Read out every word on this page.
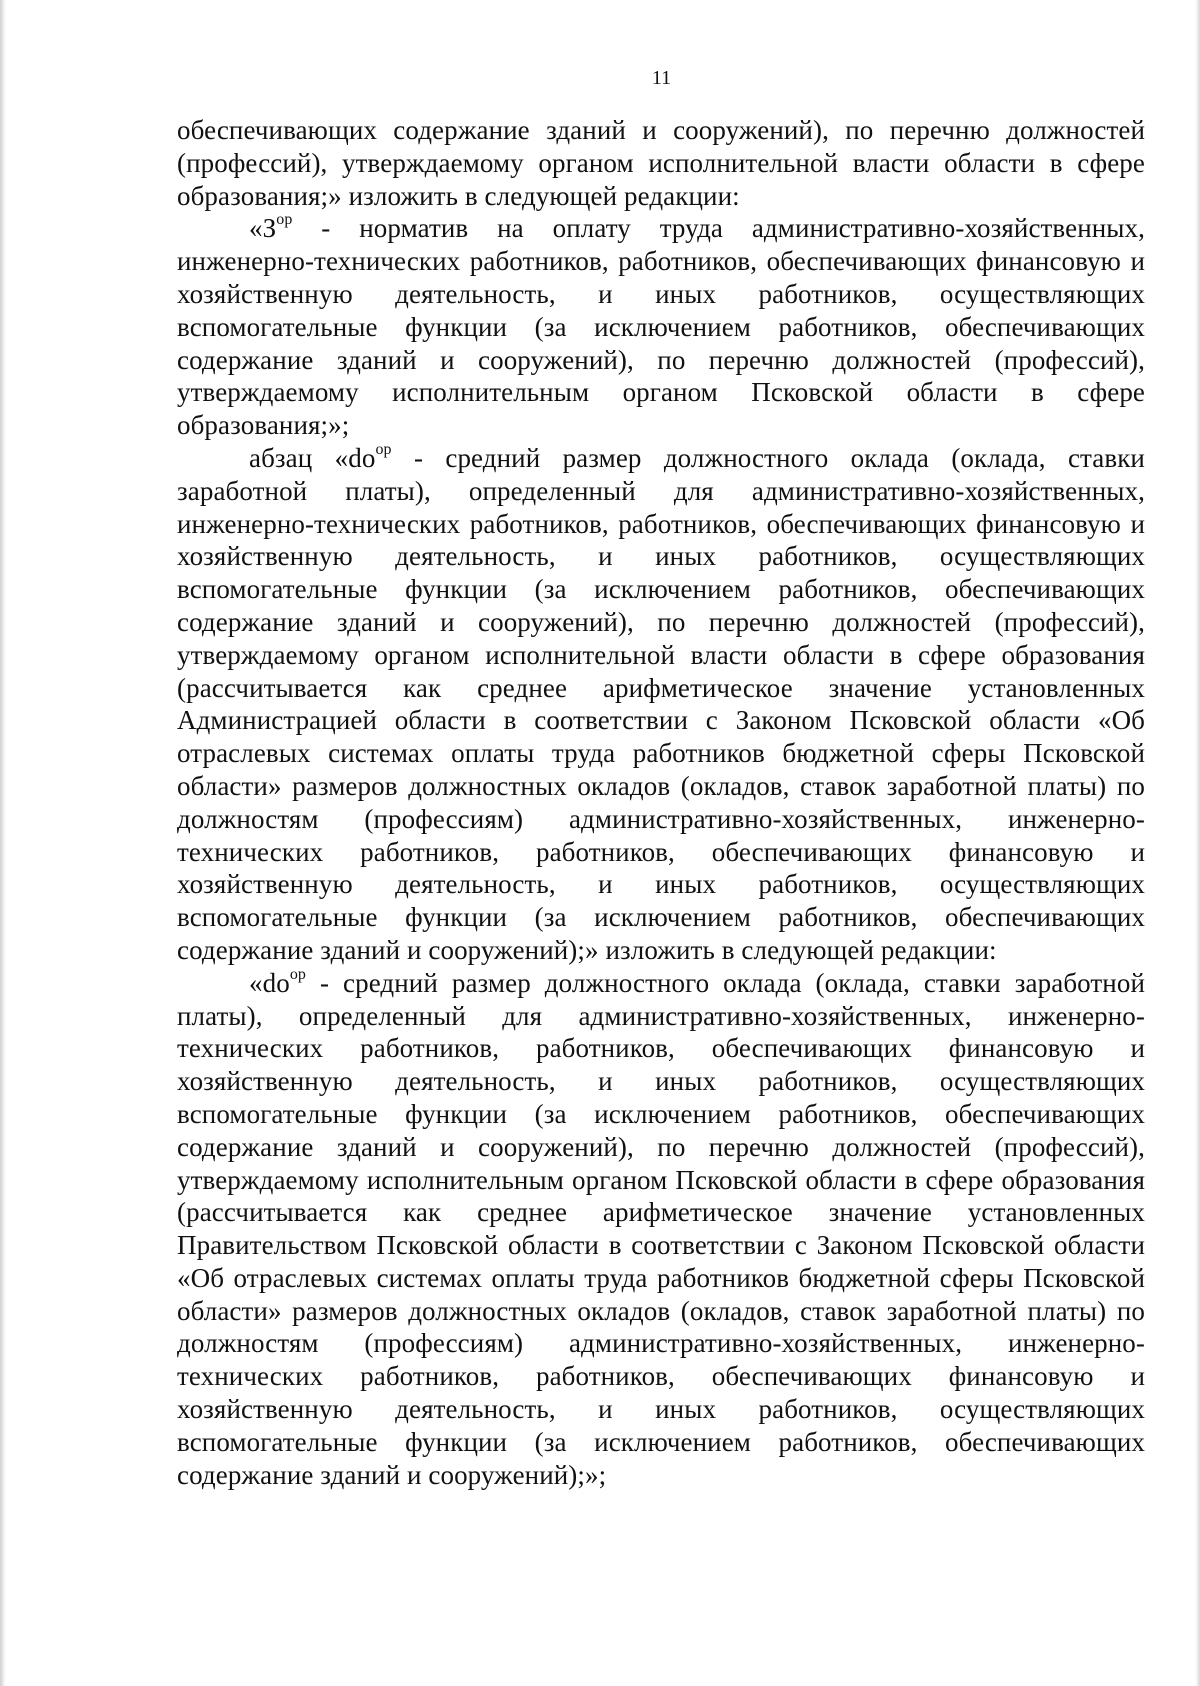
11

обеспечивающих содержание зданий и сооружений), по перечню должностей (профессий), утверждаемому органом исполнительной власти области в сфере образования;» изложить в следующей редакции:

«$З^{ор}$ - норматив на оплату труда административно-хозяйственных, инженерно-технических работников, работников, обеспечивающих финансовую и хозяйственную деятельность, и иных работников, осуществляющих вспомогательные функции (за исключением работников, обеспечивающих содержание зданий и сооружений), по перечню должностей (профессий), утверждаемому исполнительным органом Псковской области в сфере образования;»;

абзац «$do^{ор}$ - средний размер должностного оклада (оклада, ставки заработной платы), определенный для административно-хозяйственных, инженерно-технических работников, работников, обеспечивающих финансовую и хозяйственную деятельность, и иных работников, осуществляющих вспомогательные функции (за исключением работников, обеспечивающих содержание зданий и сооружений), по перечню должностей (профессий), утверждаемому органом исполнительной власти области в сфере образования (рассчитывается как среднее арифметическое значение установленных Администрацией области в соответствии с Законом Псковской области «Об отраслевых системах оплаты труда работников бюджетной сферы Псковской области» размеров должностных окладов (окладов, ставок заработной платы) по должностям (профессиям) административно-хозяйственных, инженерно-технических работников, работников, обеспечивающих финансовую и хозяйственную деятельность, и иных работников, осуществляющих вспомогательные функции (за исключением работников, обеспечивающих содержание зданий и сооружений);» изложить в следующей редакции:

«$do^{ор}$ - средний размер должностного оклада (оклада, ставки заработной платы), определенный для административно-хозяйственных, инженерно-технических работников, работников, обеспечивающих финансовую и хозяйственную деятельность, и иных работников, осуществляющих вспомогательные функции (за исключением работников, обеспечивающих содержание зданий и сооружений), по перечню должностей (профессий), утверждаемому исполнительным органом Псковской области в сфере образования (рассчитывается как среднее арифметическое значение установленных Правительством Псковской области в соответствии с Законом Псковской области «Об отраслевых системах оплаты труда работников бюджетной сферы Псковской области» размеров должностных окладов (окладов, ставок заработной платы) по должностям (профессиям) административно-хозяйственных, инженерно-технических работников, работников, обеспечивающих финансовую и хозяйственную деятельность, и иных работников, осуществляющих вспомогательные функции (за исключением работников, обеспечивающих содержание зданий и сооружений);»;
